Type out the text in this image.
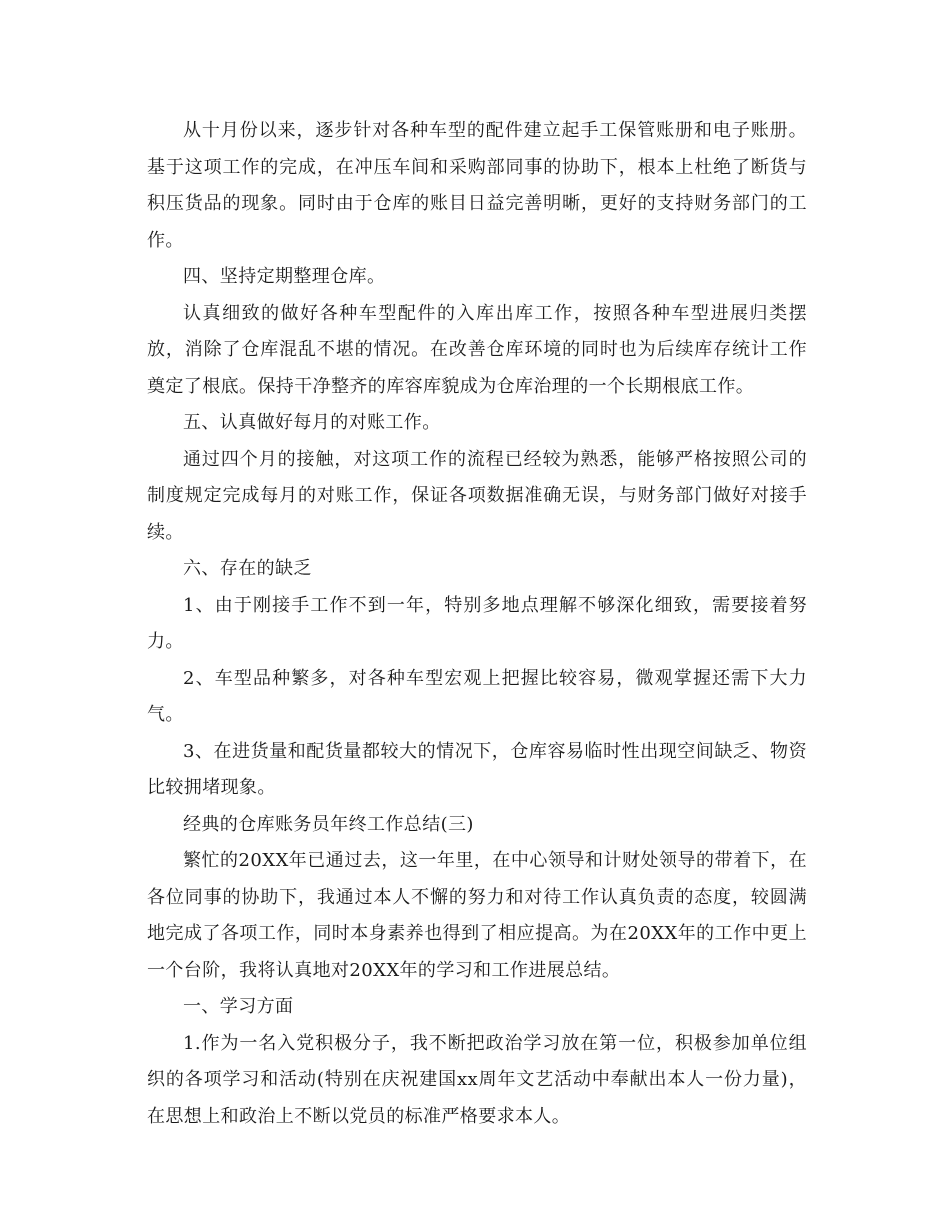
从十月份以来，逐步针对各种车型的配件建立起手工保管账册和电子账册。基于这项工作的完成，在冲压车间和采购部同事的协助下，根本上杜绝了断货与积压货品的现象。同时由于仓库的账目日益完善明晰，更好的支持财务部门的工作。

四、坚持定期整理仓库。

认真细致的做好各种车型配件的入库出库工作，按照各种车型进展归类摆放，消除了仓库混乱不堪的情况。在改善仓库环境的同时也为后续库存统计工作奠定了根底。保持干净整齐的库容库貌成为仓库治理的一个长期根底工作。

五、认真做好每月的对账工作。

通过四个月的接触，对这项工作的流程已经较为熟悉，能够严格按照公司的制度规定完成每月的对账工作，保证各项数据准确无误，与财务部门做好对接手续。

六、存在的缺乏

1、由于刚接手工作不到一年，特别多地点理解不够深化细致，需要接着努力。

2、车型品种繁多，对各种车型宏观上把握比较容易，微观掌握还需下大力气。

3、在进货量和配货量都较大的情况下，仓库容易临时性出现空间缺乏、物资比较拥堵现象。

经典的仓库账务员年终工作总结(三)

繁忙的20XX年已通过去，这一年里，在中心领导和计财处领导的带着下，在各位同事的协助下，我通过本人不懈的努力和对待工作认真负责的态度，较圆满地完成了各项工作，同时本身素养也得到了相应提高。为在20XX年的工作中更上一个台阶，我将认真地对20XX年的学习和工作进展总结。

一、学习方面

1.作为一名入党积极分子，我不断把政治学习放在第一位，积极参加单位组织的各项学习和活动(特别在庆祝建国xx周年文艺活动中奉献出本人一份力量)，在思想上和政治上不断以党员的标准严格要求本人。
